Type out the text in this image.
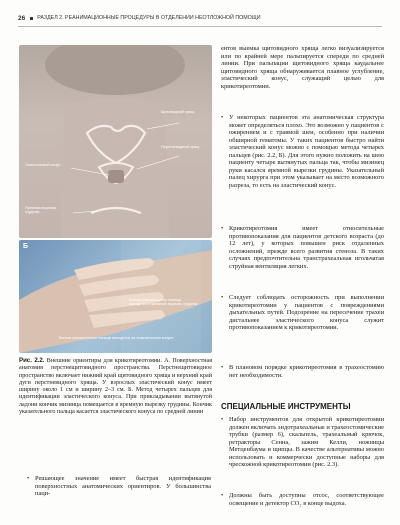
26 РАЗДЕЛ 2. РЕАНИМАЦИОННЫЕ ПРОЦЕДУРЫ В ОТДЕЛЕНИИ НЕОТЛОЖНОЙ ПОМОЩИ
Щитовидный хрящ
Перстневидный хрящ
Эластический конус
Яремная вырезка грудины
Б
Кончик указательного пальца находится в яремной вырезке грудины
Кончик указательного пальца находится на эластическом конусе
Рис. 2.2. Внешние ориентиры для крикотиреотомии. А. Поверхностная анатомия перстнещитовидного пространства. Перстнещитовидное пространство включает нижний край щитовидного хряща и верхний край дуги перстневидного хряща. У взрослых эластический конус имеет ширину около 1 см и ширину 2–3 см. Б. Метод четырех пальцев для идентификации эластического конуса. При прикладывании вытянутой ладони кончик мизинца помещается в яремную вырезку грудины. Кончик указательного пальца касается эластического конуса по средней линии
• Решающее значение имеет быстрая идентификация поверхностных анатомических ориентиров. У большинства паци-
ентов выемка щитовидного хряща легко визуализируется или по крайней мере пальпируется спереди по средней линии. При пальпации щитовидного хряща каудальнее щитовидного хряща обнаруживается плавное углубление, эластический конус, служащий целью для крикотиреотомии.
• У некоторых пациентов эта анатомическая структура может определяться плохо. Это возможно у пациентов с ожирением и с травмой шеи, особенно при наличии обширной гематомы. У таких пациентов быстро найти эластический конус можно с помощью метода четырех пальцев (рис. 2.2, Б). Для этого нужно положить на шею пациенту четыре вытянутых пальца так, чтобы мизинец руки касался яремной вырезки грудины. Указательный палец хирурга при этом указывает на место возможного разреза, то есть на эластический конус.
• Крикотиреотомия имеет относительные противопоказания для пациентов детского возраста (до 12 лет), у которых повышен риск отдаленных осложнений, прежде всего развития стеноза. В таких случаях предпочтительна транстрахеальная игольчатая струйная вентиляция легких.
• Следует соблюдать осторожность при выполнении крикотиреотомии у пациентов с повреждениями дыхательных путей. Подозрение на пересечение трахеи дистальнее эластического конуса служит противопоказанием к крикотиреотомии.
• В плановом порядке крикотиреотомия в трахеостомию нет необходимости.
СПЕЦИАЛЬНЫЕ ИНСТРУМЕНТЫ
• Набор инструментов для открытой крикотиреотомии должен включать эндотрахеальные и трахеостомические трубки (размер 6), скальпель, трахеальный крючок, ретракторы Сенна, зажим Келли, ножницы Метценбаума и щипцы. В качестве альтернативы можно использовать и коммерчески доступные наборы для чрескожной крикотиреотомии (рис. 2.3).
• Должны быть доступны отсос, соответствующее освещение и детектор CO₂ в конце выдоха.
